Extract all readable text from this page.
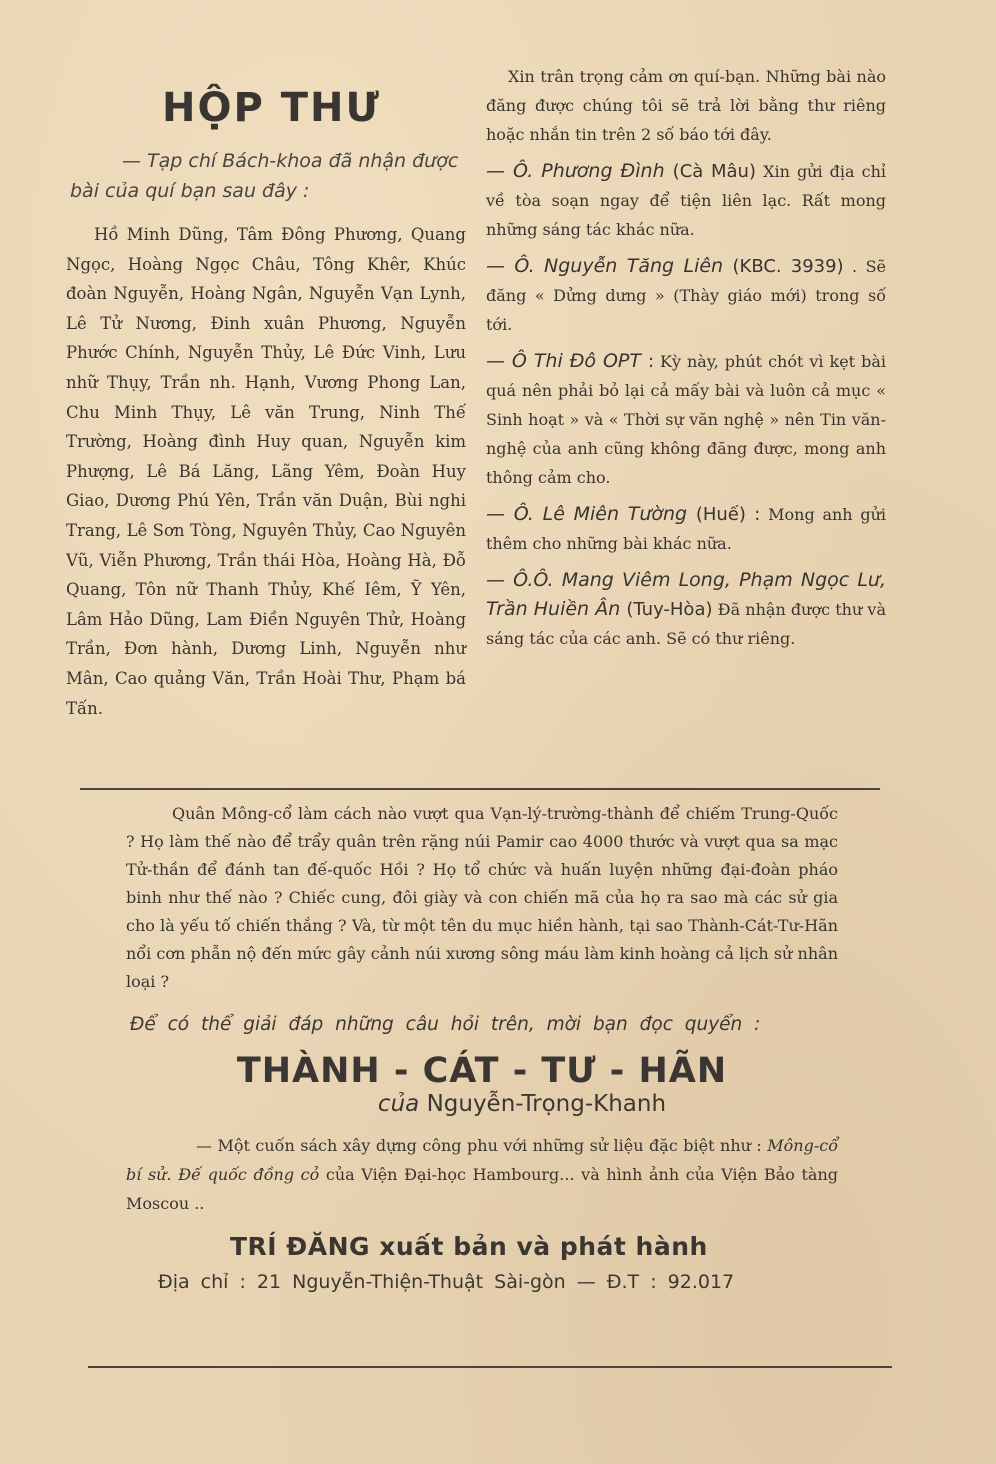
HỘP THƯ

— Tạp chí Bách-khoa đã nhận được bài của quí bạn sau đây :

Hồ Minh Dũng, Tâm Đông Phương, Quang Ngọc, Hoàng Ngọc Châu, Tông Khêr, Khúc đoàn Nguyễn, Hoàng Ngân, Nguyễn Vạn Lynh, Lê Tử Nương, Đinh xuân Phương, Nguyễn Phước Chính, Nguyễn Thủy, Lê Đức Vinh, Lưu nhữ Thụy, Trần nh. Hạnh, Vương Phong Lan, Chu Minh Thụy, Lê văn Trung, Ninh Thế Trường, Hoàng đình Huy quan, Nguyễn kim Phượng, Lê Bá Lăng, Lãng Yêm, Đoàn Huy Giao, Dương Phú Yên, Trần văn Duận, Bùi nghi Trang, Lê Sơn Tòng, Nguyên Thủy, Cao Nguyên Vũ, Viễn Phương, Trần thái Hòa, Hoàng Hà, Đỗ Quang, Tôn nữ Thanh Thủy, Khế Iêm, Ỹ Yên, Lâm Hảo Dũng, Lam Điền Nguyên Thử, Hoàng Trần, Đơn hành, Dương Linh, Nguyễn như Mân, Cao quảng Văn, Trần Hoài Thư, Phạm bá Tấn.

Xin trân trọng cảm ơn quí-bạn. Những bài nào đăng được chúng tôi sẽ trả lời bằng thư riêng hoặc nhắn tin trên 2 số báo tới đây.

— Ô. Phương Đình (Cà Mâu) Xin gửi địa chỉ về tòa soạn ngay để tiện liên lạc. Rất mong những sáng tác khác nữa.

— Ô. Nguyễn Tăng Liên (KBC. 3939) . Sẽ đăng « Dửng dưng » (Thày giáo mới) trong số tới.

— Ô Thi Đô OPT : Kỳ này, phút chót vì kẹt bài quá nên phải bỏ lại cả mấy bài và luôn cả mục « Sinh hoạt » và « Thời sự văn nghệ » nên Tin văn-nghệ của anh cũng không đăng được, mong anh thông cảm cho.

— Ô. Lê Miên Tường (Huế) : Mong anh gửi thêm cho những bài khác nữa.

— Ô.Ô. Mang Viêm Long, Phạm Ngọc Lư, Trần Huiền Ân (Tuy-Hòa) Đã nhận được thư và sáng tác của các anh. Sẽ có thư riêng.

Quân Mông-cổ làm cách nào vượt qua Vạn-lý-trường-thành để chiếm Trung-Quốc ? Họ làm thế nào để trẩy quân trên rặng núi Pamir cao 4000 thước và vượt qua sa mạc Tử-thần để đánh tan đế-quốc Hồi ? Họ tổ chức và huấn luyện những đại-đoàn pháo binh như thế nào ? Chiếc cung, đôi giày và con chiến mã của họ ra sao mà các sử gia cho là yếu tố chiến thắng ? Và, từ một tên du mục hiền hành, tại sao Thành-Cát-Tư-Hãn nổi cơn phẫn nộ đến mức gây cảnh núi xương sông máu làm kinh hoàng cả lịch sử nhân loại ?

Để có thể giải đáp những câu hỏi trên, mời bạn đọc quyển :
THÀNH - CÁT - TƯ - HÃN
của Nguyễn-Trọng-Khanh

— Một cuốn sách xây dựng công phu với những sử liệu đặc biệt như : Mông-cổ bí sử. Đế quốc đồng cỏ của Viện Đại-học Hambourg... và hình ảnh của Viện Bảo tàng Moscou ..

TRÍ ĐĂNG xuất bản và phát hành
Địa chỉ : 21 Nguyễn-Thiện-Thuật Sài-gòn — Đ.T : 92.017
